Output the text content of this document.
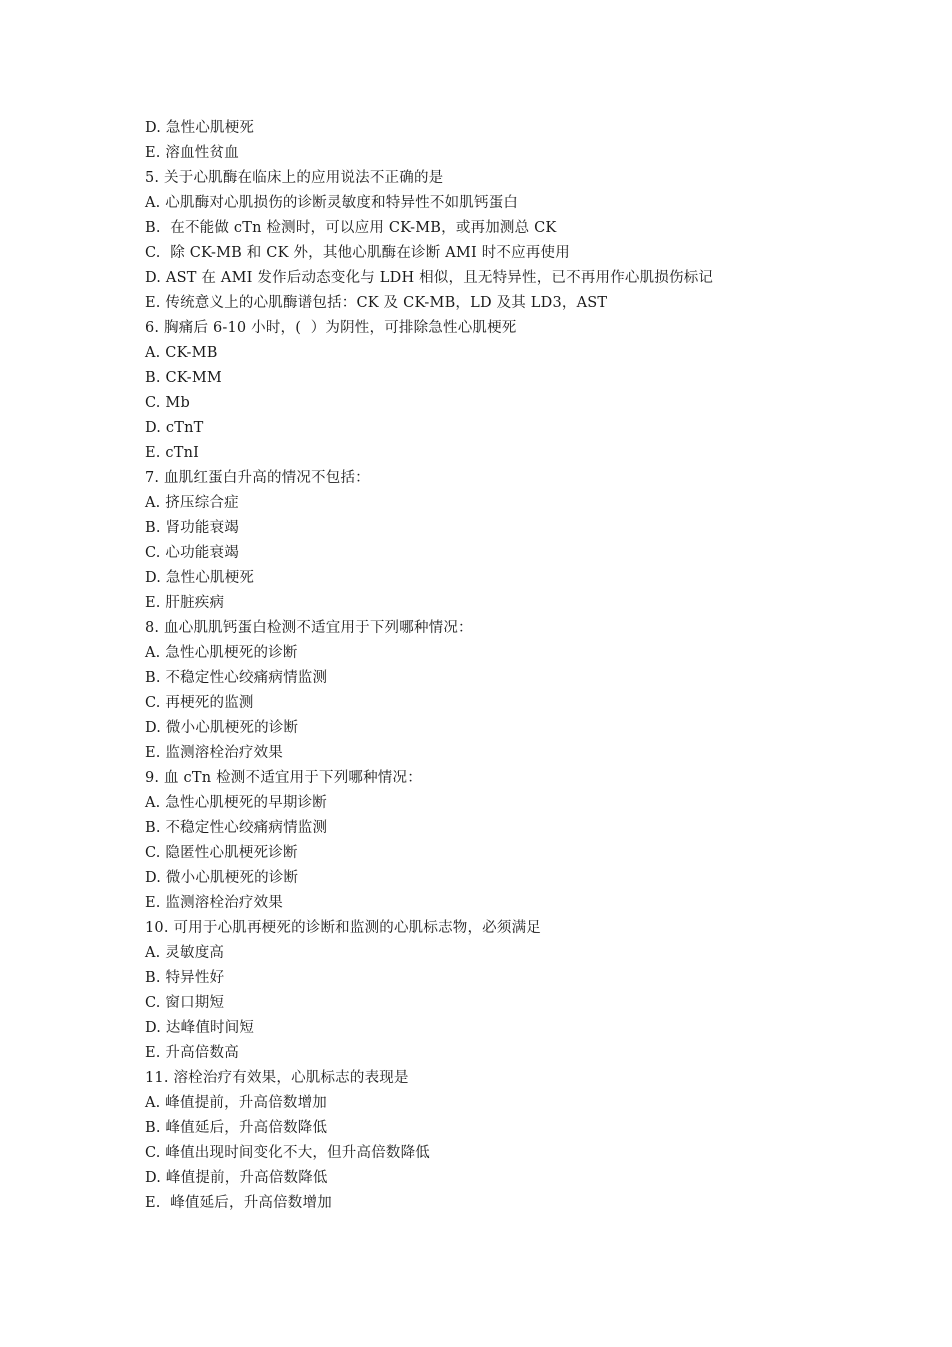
D. 急性心肌梗死
E. 溶血性贫血
5. 关于心肌酶在临床上的应用说法不正确的是
A. 心肌酶对心肌损伤的诊断灵敏度和特异性不如肌钙蛋白
B.  在不能做 cTn 检测时，可以应用 CK-MB，或再加测总 CK
C.  除 CK-MB 和 CK 外，其他心肌酶在诊断 AMI 时不应再使用
D. AST 在 AMI 发作后动态变化与 LDH 相似，且无特异性，已不再用作心肌损伤标记
E. 传统意义上的心肌酶谱包括：CK 及 CK-MB，LD 及其 LD3，AST
6. 胸痛后 6-10 小时，(  ）为阴性，可排除急性心肌梗死
A. CK-MB
B. CK-MM
C. Mb
D. cTnT
E. cTnI
7. 血肌红蛋白升高的情况不包括：
A. 挤压综合症
B. 肾功能衰竭
C. 心功能衰竭
D. 急性心肌梗死
E. 肝脏疾病
8. 血心肌肌钙蛋白检测不适宜用于下列哪种情况：
A. 急性心肌梗死的诊断
B. 不稳定性心绞痛病情监测
C. 再梗死的监测
D. 微小心肌梗死的诊断
E. 监测溶栓治疗效果
9. 血 cTn 检测不适宜用于下列哪种情况：
A. 急性心肌梗死的早期诊断
B. 不稳定性心绞痛病情监测
C. 隐匿性心肌梗死诊断
D. 微小心肌梗死的诊断
E. 监测溶栓治疗效果
10. 可用于心肌再梗死的诊断和监测的心肌标志物，必须满足
A. 灵敏度高
B. 特异性好
C. 窗口期短
D. 达峰值时间短
E. 升高倍数高
11. 溶栓治疗有效果，心肌标志的表现是
A. 峰值提前，升高倍数增加
B. 峰值延后，升高倍数降低
C. 峰值出现时间变化不大，但升高倍数降低
D. 峰值提前，升高倍数降低
E.  峰值延后，升高倍数增加
